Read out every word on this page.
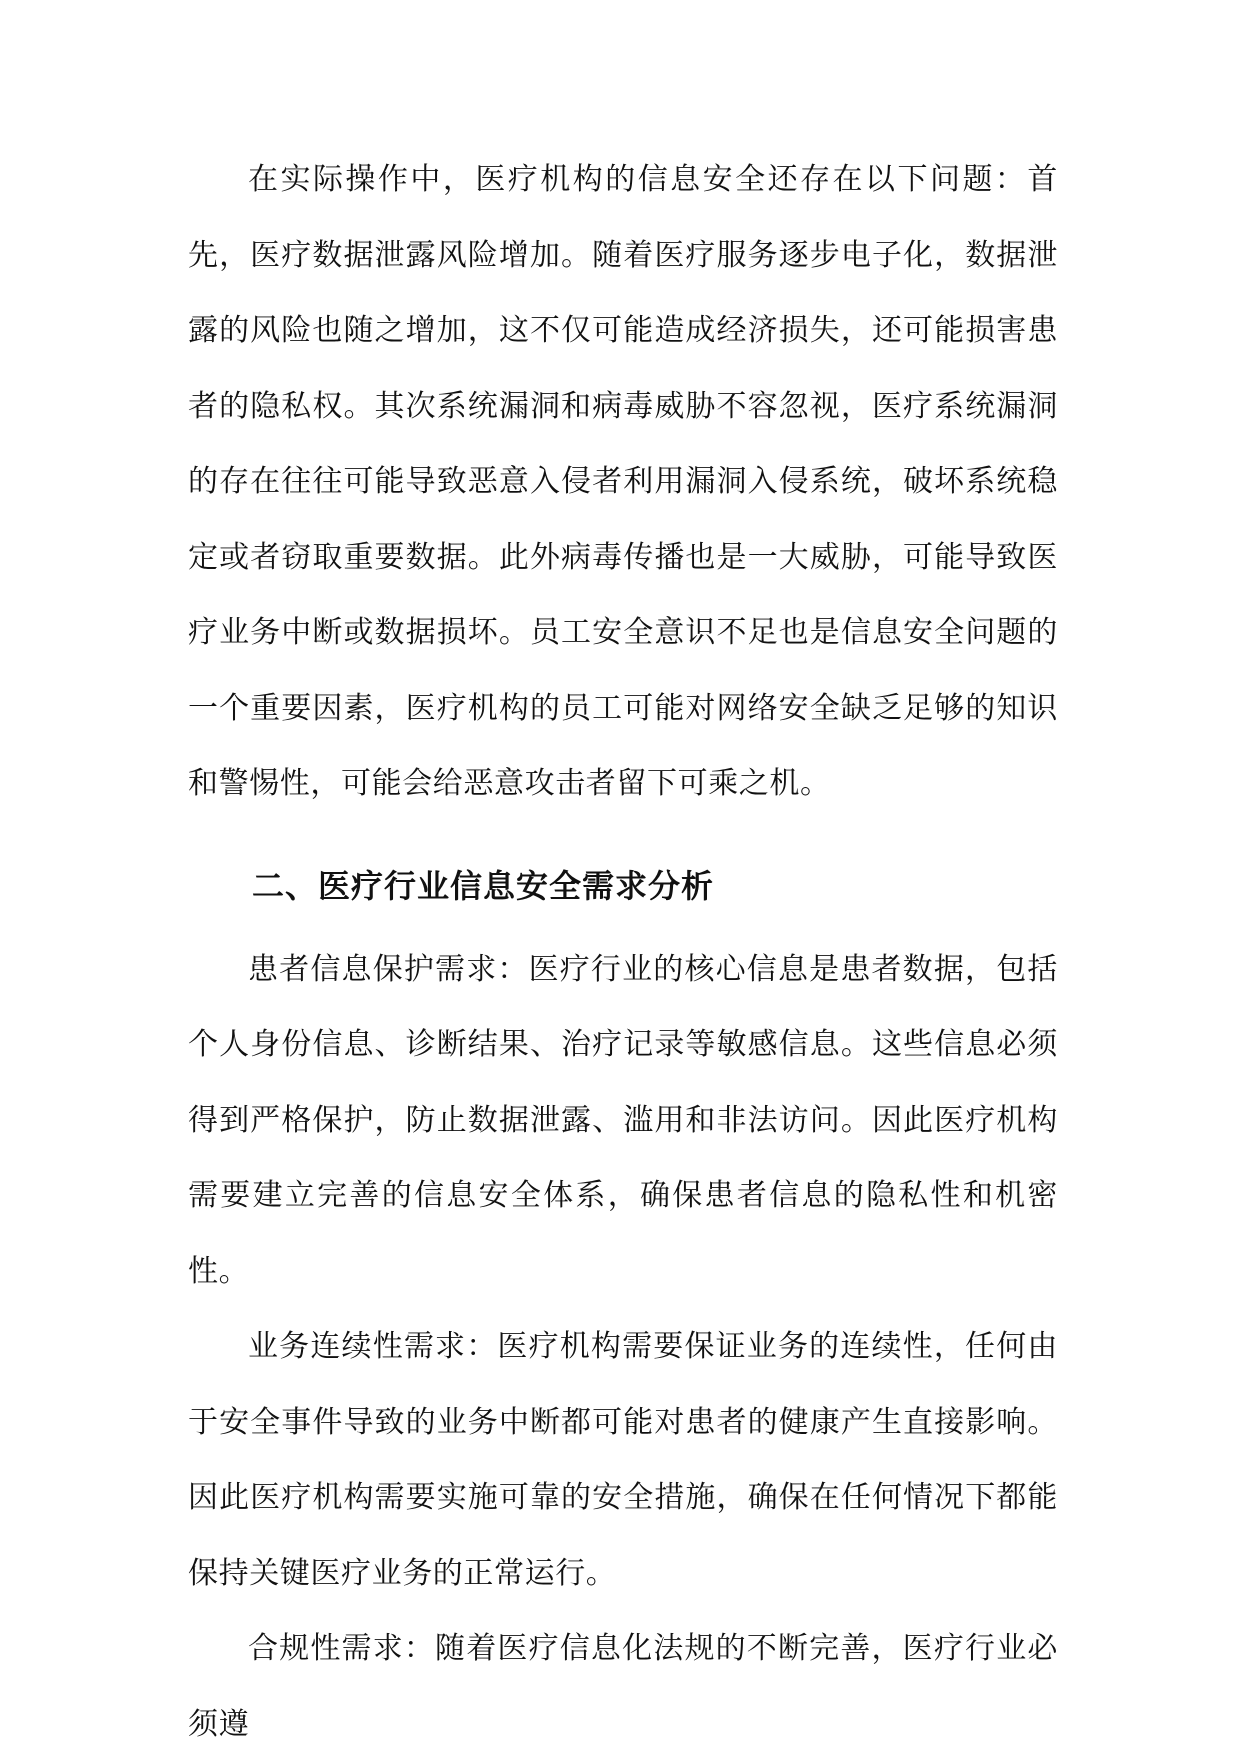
在实际操作中，医疗机构的信息安全还存在以下问题：首先，医疗数据泄露风险增加。随着医疗服务逐步电子化，数据泄露的风险也随之增加，这不仅可能造成经济损失，还可能损害患者的隐私权。其次系统漏洞和病毒威胁不容忽视，医疗系统漏洞的存在往往可能导致恶意入侵者利用漏洞入侵系统，破坏系统稳定或者窃取重要数据。此外病毒传播也是一大威胁，可能导致医疗业务中断或数据损坏。员工安全意识不足也是信息安全问题的一个重要因素，医疗机构的员工可能对网络安全缺乏足够的知识和警惕性，可能会给恶意攻击者留下可乘之机。

二、医疗行业信息安全需求分析

患者信息保护需求：医疗行业的核心信息是患者数据，包括个人身份信息、诊断结果、治疗记录等敏感信息。这些信息必须得到严格保护，防止数据泄露、滥用和非法访问。因此医疗机构需要建立完善的信息安全体系，确保患者信息的隐私性和机密性。

业务连续性需求：医疗机构需要保证业务的连续性，任何由于安全事件导致的业务中断都可能对患者的健康产生直接影响。因此医疗机构需要实施可靠的安全措施，确保在任何情况下都能保持关键医疗业务的正常运行。

合规性需求：随着医疗信息化法规的不断完善，医疗行业必须遵
